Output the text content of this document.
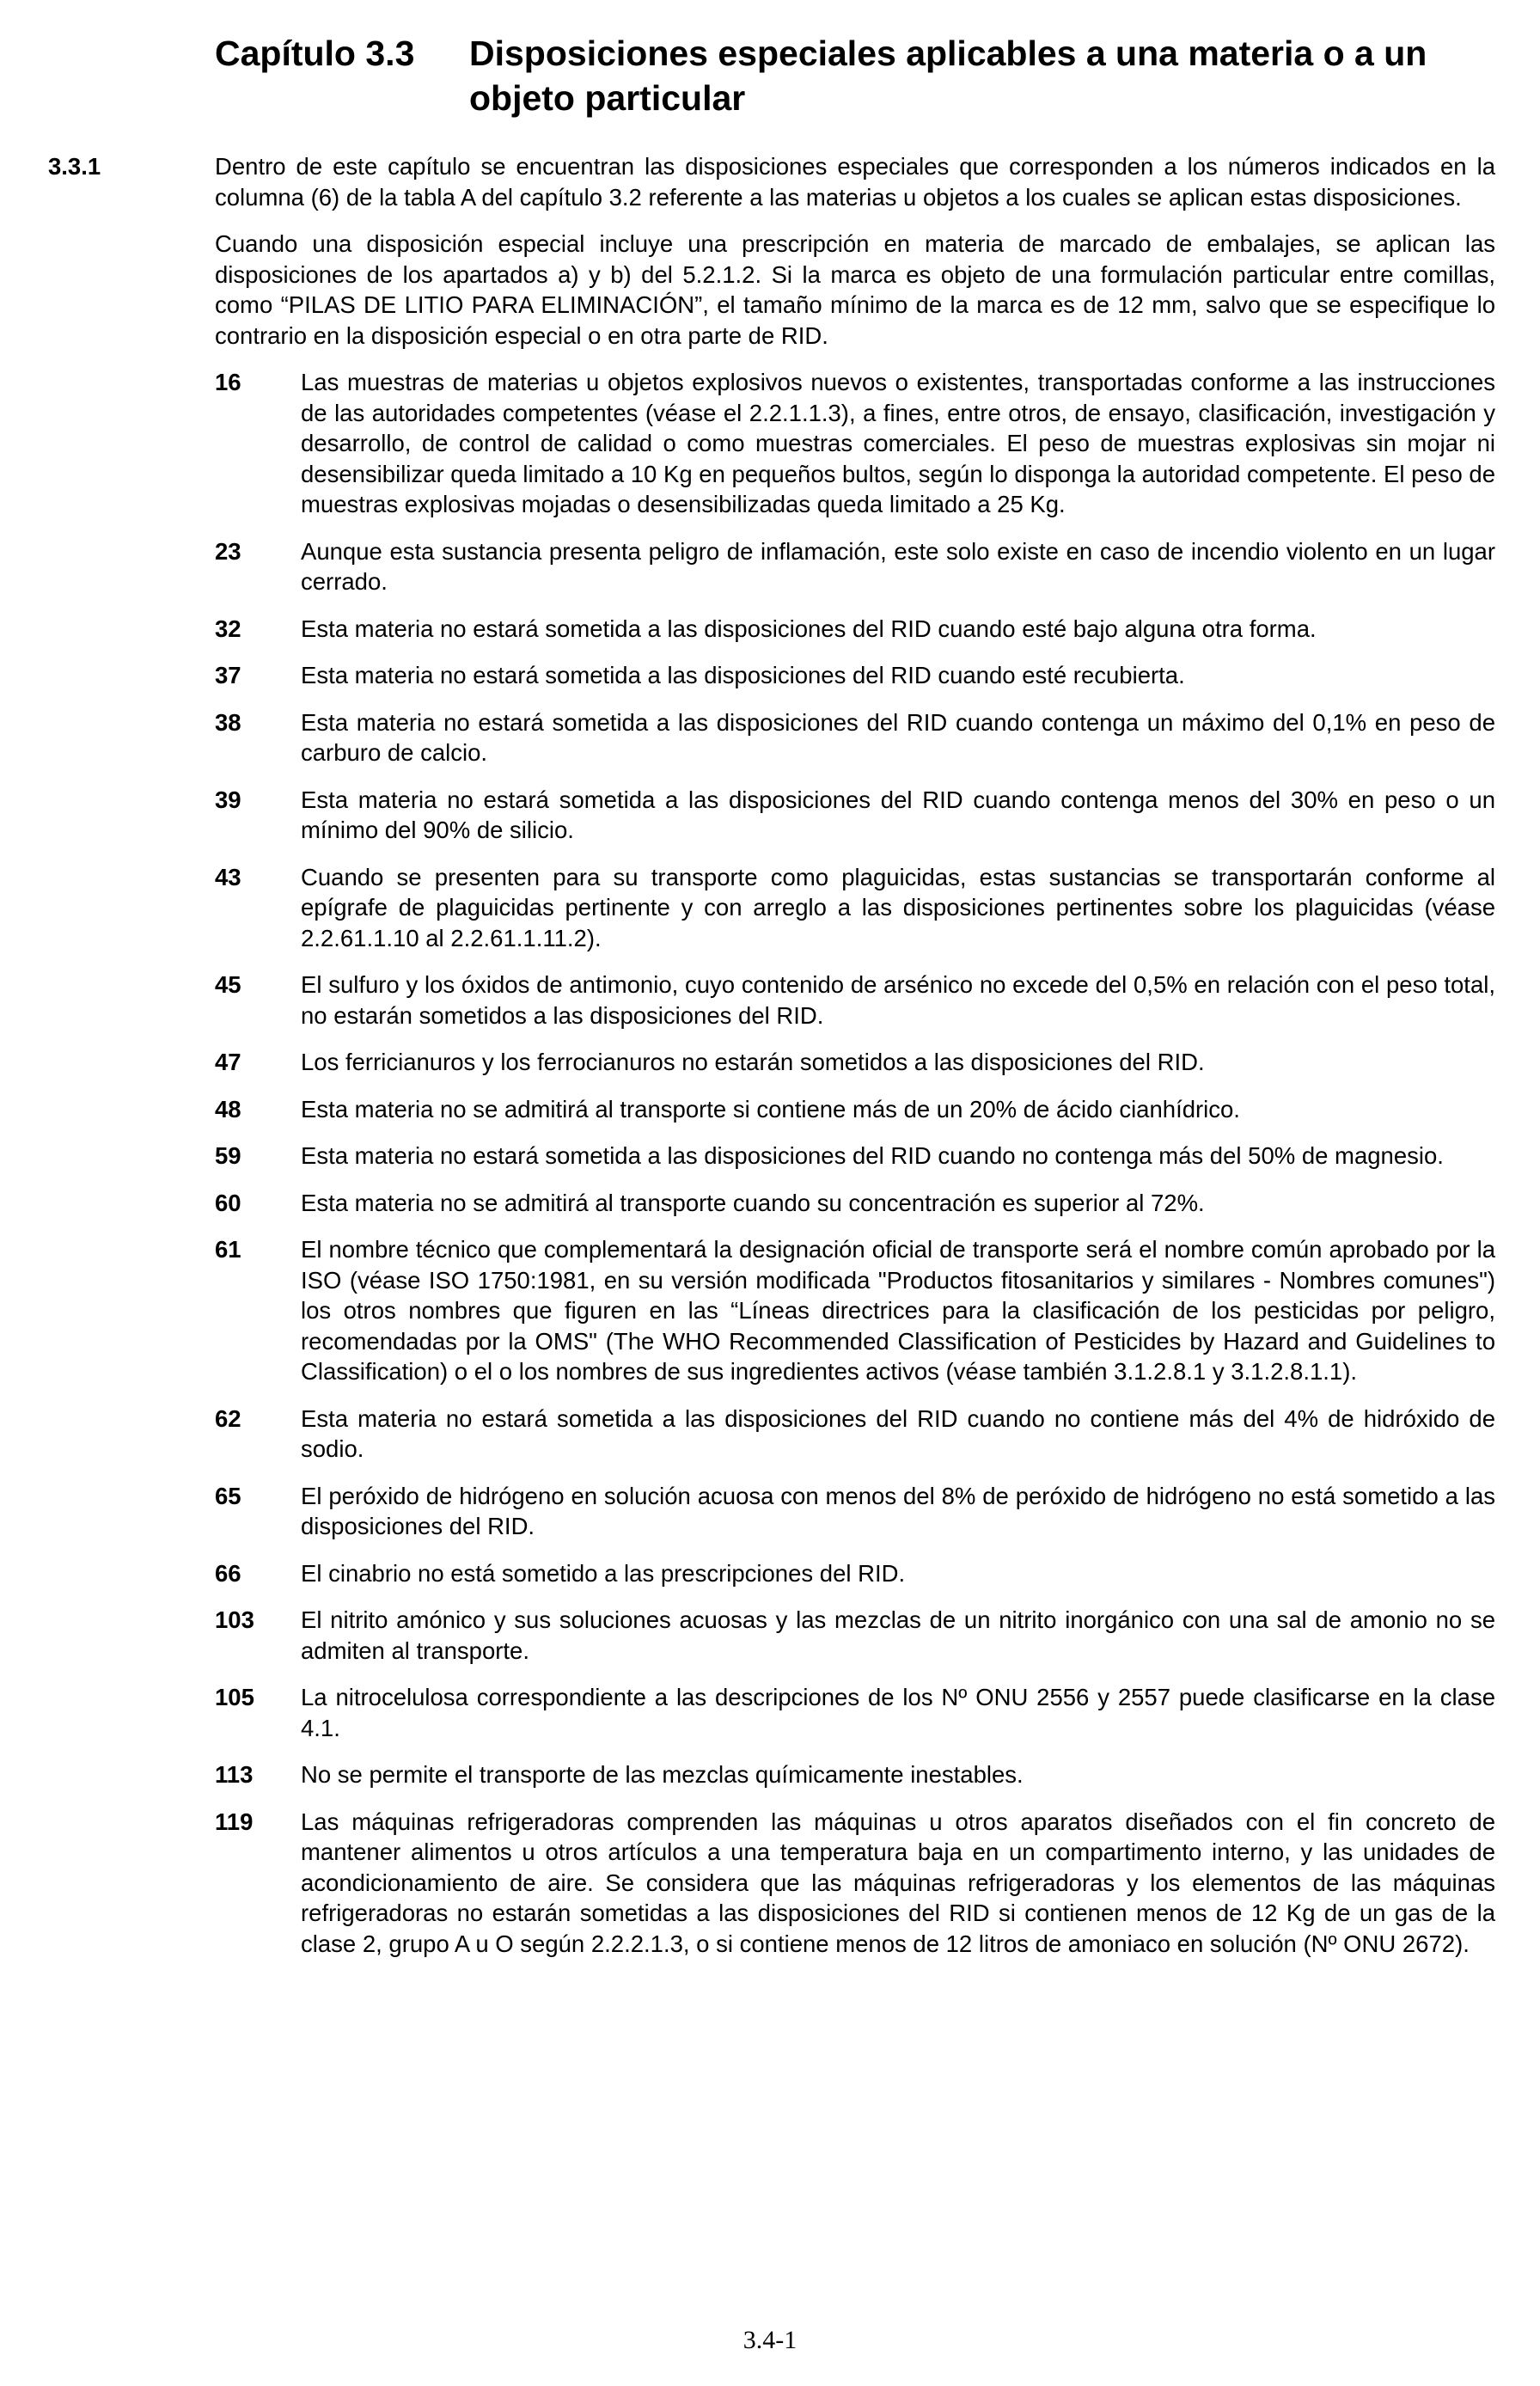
Capítulo 3.3 Disposiciones especiales aplicables a una materia o a un objeto particular
3.3.1	Dentro de este capítulo se encuentran las disposiciones especiales que corresponden a los números indicados en la columna (6) de la tabla A del capítulo 3.2 referente a las materias u objetos a los cuales se aplican estas disposiciones.

Cuando una disposición especial incluye una prescripción en materia de marcado de embalajes, se aplican las disposiciones de los apartados a) y b) del 5.2.1.2. Si la marca es objeto de una formulación particular entre comillas, como “PILAS DE LITIO PARA ELIMINACIÓN”, el tamaño mínimo de la marca es de 12 mm, salvo que se especifique lo contrario en la disposición especial o en otra parte de RID.

16	Las muestras de materias u objetos explosivos nuevos o existentes, transportadas conforme a las instrucciones de las autoridades competentes (véase el 2.2.1.1.3), a fines, entre otros, de ensayo, clasificación, investigación y desarrollo, de control de calidad o como muestras comerciales. El peso de muestras explosivas sin mojar ni desensibilizar queda limitado a 10 Kg en pequeños bultos, según lo disponga la autoridad competente. El peso de muestras explosivas mojadas o desensibilizadas queda limitado a 25 Kg.
23	Aunque esta sustancia presenta peligro de inflamación, este solo existe en caso de incendio violento en un lugar cerrado.
32	Esta materia no estará sometida a las disposiciones del RID cuando esté bajo alguna otra forma.
37	Esta materia no estará sometida a las disposiciones del RID cuando esté recubierta.
38	Esta materia no estará sometida a las disposiciones del RID cuando contenga un máximo del 0,1% en peso de carburo de calcio.
39	Esta materia no estará sometida a las disposiciones del RID cuando contenga menos del 30% en peso o un mínimo del 90% de silicio.
43	Cuando se presenten para su transporte como plaguicidas, estas sustancias se transportarán conforme al epígrafe de plaguicidas pertinente y con arreglo a las disposiciones pertinentes sobre los plaguicidas (véase 2.2.61.1.10 al 2.2.61.1.11.2).
45	El sulfuro y los óxidos de antimonio, cuyo contenido de arsénico no excede del 0,5% en relación con el peso total, no estarán sometidos a las disposiciones del RID.
47	Los ferricianuros y los ferrocianuros no estarán sometidos a las disposiciones del RID.
48	Esta materia no se admitirá al transporte si contiene más de un 20% de ácido cianhídrico.
59	Esta materia no estará sometida a las disposiciones del RID cuando no contenga más del 50% de magnesio.
60	Esta materia no se admitirá al transporte cuando su concentración es superior al 72%.
61	El nombre técnico que complementará la designación oficial de transporte será el nombre común aprobado por la ISO (véase ISO 1750:1981, en su versión modificada "Productos fitosanitarios y similares - Nombres comunes") los otros nombres que figuren en las “Líneas directrices para la clasificación de los pesticidas por peligro, recomendadas por la OMS" (The WHO Recommended Classification of Pesticides by Hazard and Guidelines to Classification) o el o los nombres de sus ingredientes activos (véase también 3.1.2.8.1 y 3.1.2.8.1.1).
62	Esta materia no estará sometida a las disposiciones del RID cuando no contiene más del 4% de hidróxido de sodio.
65	El peróxido de hidrógeno en solución acuosa con menos del 8% de peróxido de hidrógeno no está sometido a las disposiciones del RID.
66	El cinabrio no está sometido a las prescripciones del RID.
103	El nitrito amónico y sus soluciones acuosas y las mezclas de un nitrito inorgánico con una sal de amonio no se admiten al transporte.
105	La nitrocelulosa correspondiente a las descripciones de los Nº ONU 2556 y 2557 puede clasificarse en la clase 4.1.
113	No se permite el transporte de las mezclas químicamente inestables.
119	Las máquinas refrigeradoras comprenden las máquinas u otros aparatos diseñados con el fin concreto de mantener alimentos u otros artículos a una temperatura baja en un compartimento interno, y las unidades de acondicionamiento de aire. Se considera que las máquinas refrigeradoras y los elementos de las máquinas refrigeradoras no estarán sometidas a las disposiciones del RID si contienen menos de 12 Kg de un gas de la clase 2, grupo A u O según 2.2.2.1.3, o si contiene menos de 12 litros de amoniaco en solución (Nº ONU 2672).
3.4-1
